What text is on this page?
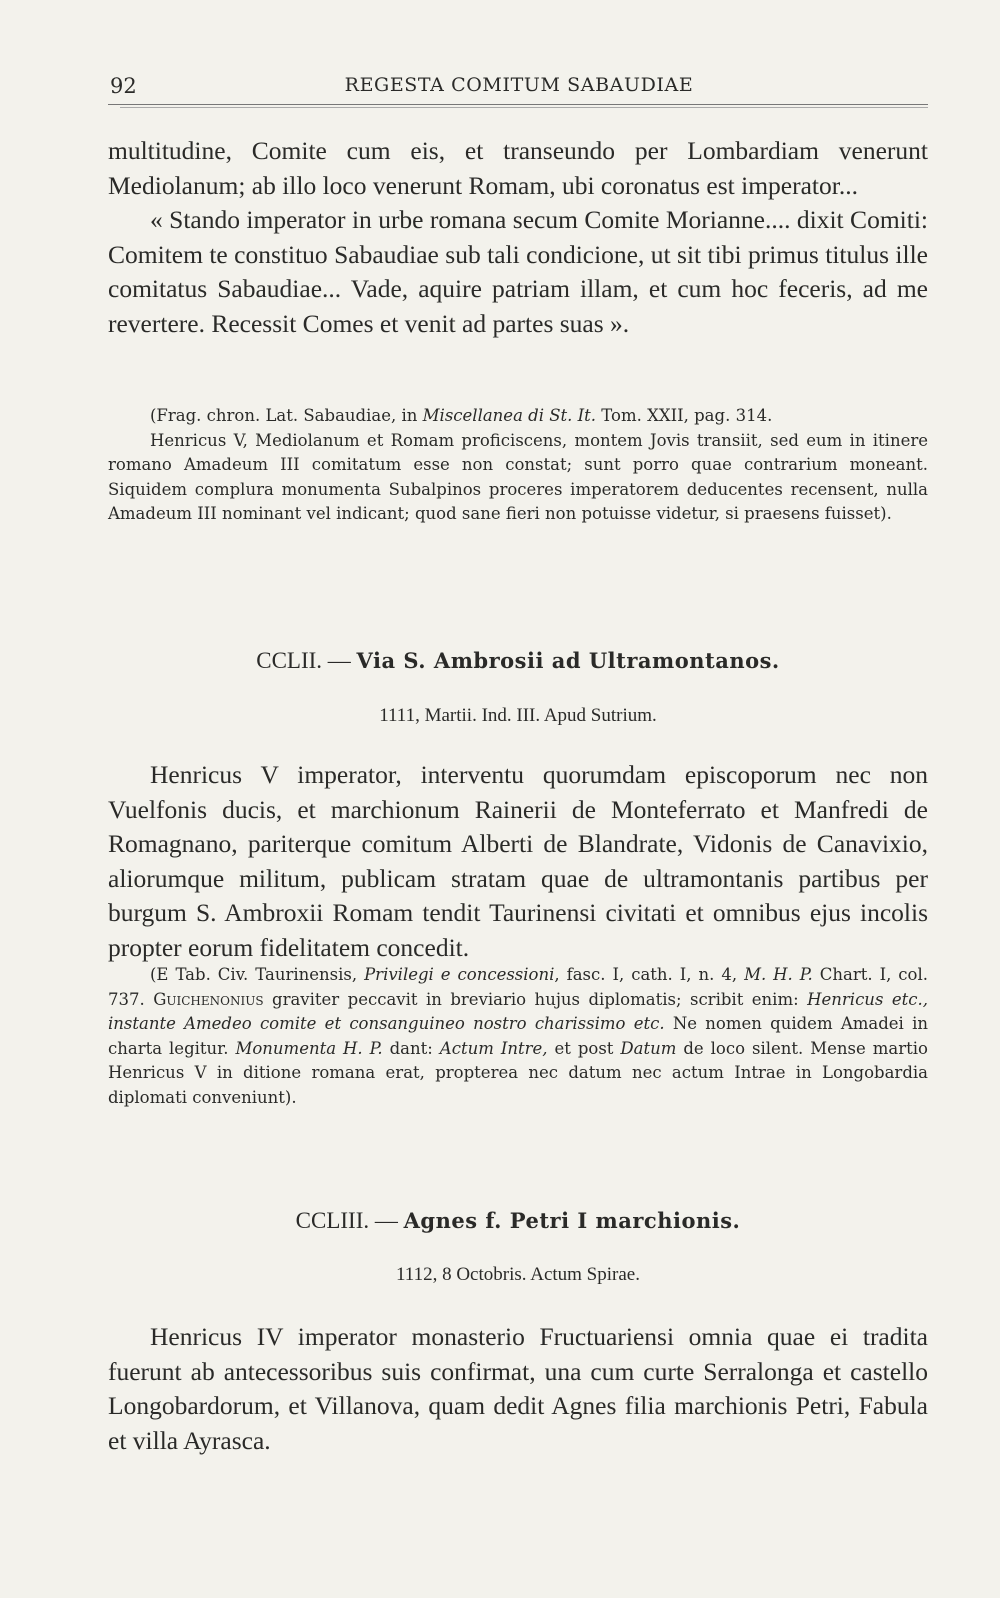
92	REGESTA COMITUM SABAUDIAE

multitudine, Comite cum eis, et transeundo per Lombardiam venerunt Mediolanum; ab illo loco venerunt Romam, ubi coronatus est imperator...

« Stando imperator in urbe romana secum Comite Morianne.... dixit Comiti: Comitem te constituo Sabaudiae sub tali condicione, ut sit tibi primus titulus ille comitatus Sabaudiae... Vade, aquire patriam illam, et cum hoc feceris, ad me revertere. Recessit Comes et venit ad partes suas ».

(Frag. chron. Lat. Sabaudiae, in Miscellanea di St. It. Tom. XXII, pag. 314.

Henricus V, Mediolanum et Romam proficiscens, montem Jovis transiit, sed eum in itinere romano Amadeum III comitatum esse non constat; sunt porro quae contrarium moneant. Siquidem complura monumenta Subalpinos proceres imperatorem deducentes recensent, nulla Amadeum III nominant vel indicant; quod sane fieri non potuisse videtur, si praesens fuisset).

CCLII. — Via S. Ambrosii ad Ultramontanos.
1111, Martii. Ind. III. Apud Sutrium.

Henricus V imperator, interventu quorumdam episcoporum nec non Vuelfonis ducis, et marchionum Rainerii de Monteferrato et Manfredi de Romagnano, pariterque comitum Alberti de Blandrate, Vidonis de Canavixio, aliorumque militum, publicam stratam quae de ultramontanis partibus per burgum S. Ambroxii Romam tendit Taurinensi civitati et omnibus ejus incolis propter eorum fidelitatem concedit.

(E Tab. Civ. Taurinensis, Privilegi e concessioni, fasc. I, cath. I, n. 4, M. H. P. Chart. I, col. 737. Guichenonius graviter peccavit in breviario hujus diplomatis; scribit enim: Henricus etc., instante Amedeo comite et consanguineo nostro charissimo etc. Ne nomen quidem Amadei in charta legitur. Monumenta H. P. dant: Actum Intre, et post Datum de loco silent. Mense martio Henricus V in ditione romana erat, propterea nec datum nec actum Intrae in Longobardia diplomati conveniunt).

CCLIII. — Agnes f. Petri I marchionis.
1112, 8 Octobris. Actum Spirae.

Henricus IV imperator monasterio Fructuariensi omnia quae ei tradita fuerunt ab antecessoribus suis confirmat, una cum curte Serralonga et castello Longobardorum, et Villanova, quam dedit Agnes filia marchionis Petri, Fabula et villa Ayrasca.
